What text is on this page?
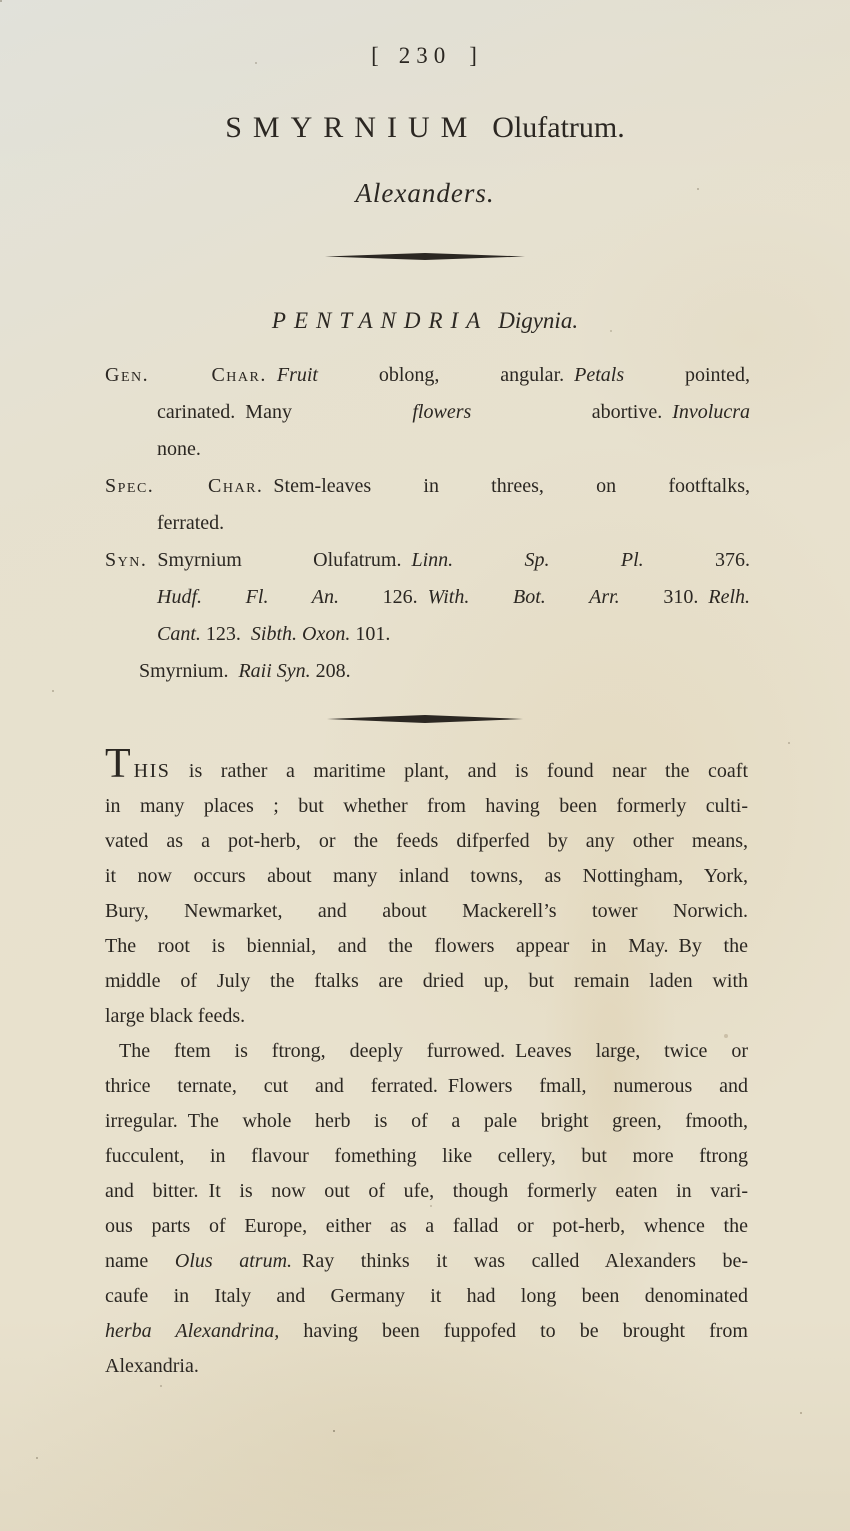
[ 230 ]
SMYRNIUM Olufatrum.
Alexanders.
PENTANDRIA Digynia.
Gen. Char.  Fruit oblong, angular. Petals pointed,
carinated. Many flowers abortive. Involucra
none.
Spec. Char. Stem-leaves in threes, on footftalks,
ferrated.
Syn. Smyrnium Olufatrum. Linn. Sp. Pl. 376.
Hudf. Fl. An. 126. With. Bot. Arr. 310. Relh.
Cant. 123. Sibth. Oxon. 101.
Smyrnium. Raii Syn. 208.
THIS is rather a maritime plant, and is found near the coaft
in many places ; but whether from having been formerly culti-
vated as a pot-herb, or the feeds difperfed by any other means,
it now occurs about many inland towns, as Nottingham, York,
Bury, Newmarket, and about Mackerell’s tower Norwich.
The root is biennial, and the flowers appear in May. By the
middle of July the ftalks are dried up, but remain laden with
large black feeds.
The ftem is ftrong, deeply furrowed. Leaves large, twice or
thrice ternate, cut and ferrated. Flowers fmall, numerous and
irregular. The whole herb is of a pale bright green, fmooth,
fucculent, in flavour fomething like cellery, but more ftrong
and bitter. It is now out of ufe, though formerly eaten in vari-
ous parts of Europe, either as a fallad or pot-herb, whence the
name Olus atrum. Ray thinks it was called Alexanders be-
caufe in Italy and Germany it had long been denominated
herba Alexandrina, having been fuppofed to be brought from
Alexandria.
